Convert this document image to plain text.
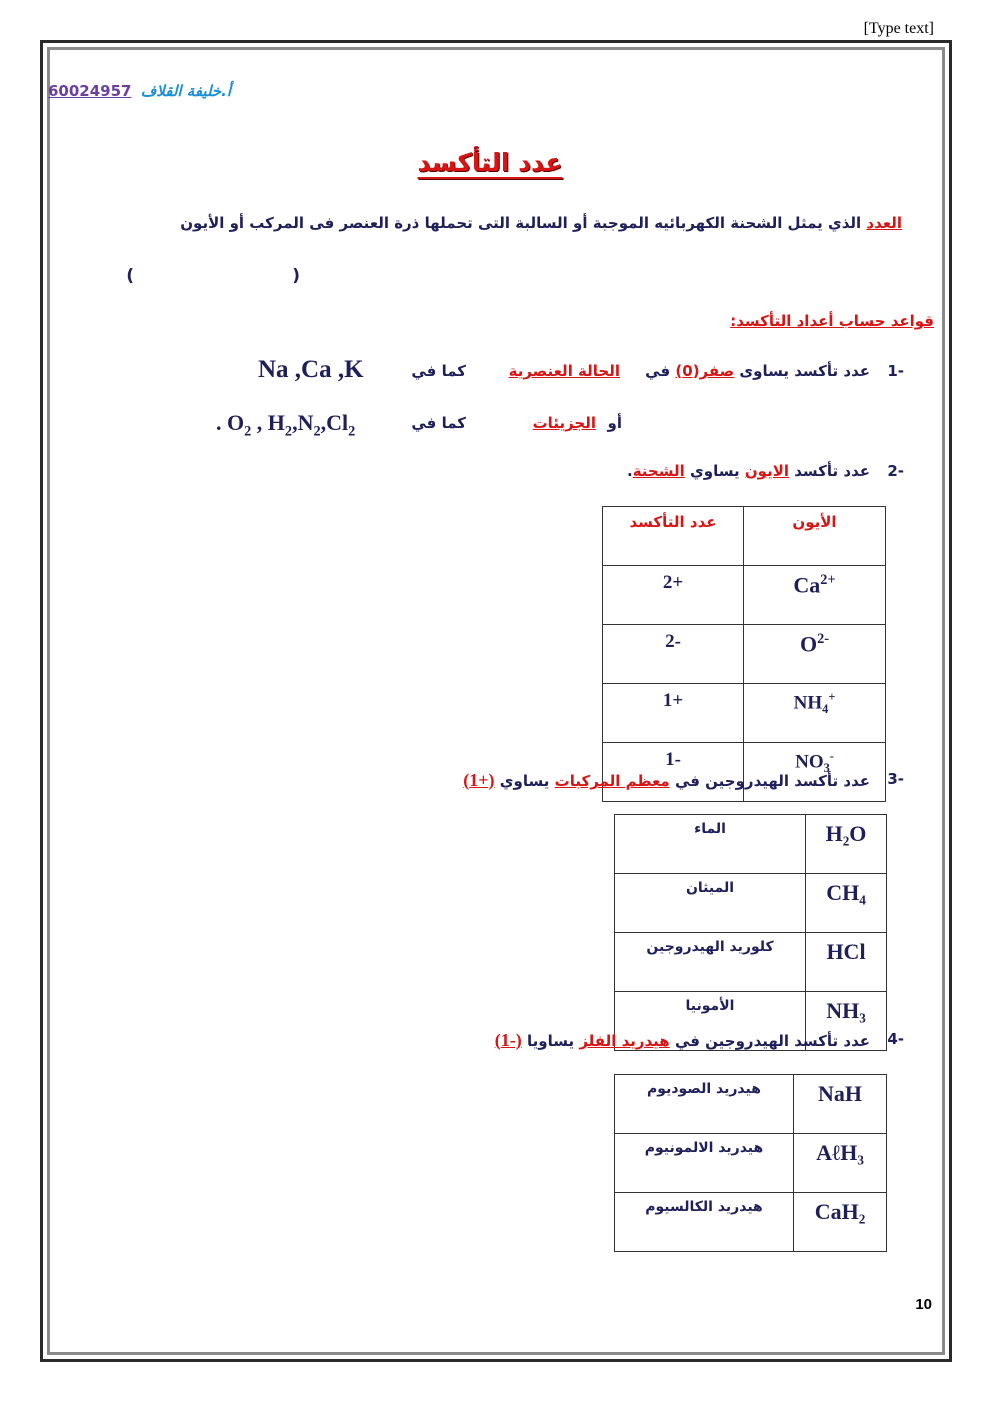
[Type text]
60024957 أ.خليفة القلاف
عدد التأكسد
العدد الذي يمثل الشحنة الكهربائيه الموجبة أو السالبة التى تحملها ذرة العنصر فى المركب أو الأيون
(
)
قواعد حساب أعداد التأكسد:
-1
عدد تأكسد يساوى صفر(0) في
الحالة العنصرية
كما في
Na ,Ca ,K
أو
الجزيئات
كما في
. $O_2$ , $H_2,N_2,Cl_2$
-2
عدد تأكسد الايون يساوي الشحنة.
الأيون	عدد التأكسد
$Ca^{2+}$	+2
$O^{2-}$	-2
$NH_4^+$	+1
$NO_3^-$	-1
-3
عدد تأكسد الهيدروجين في معظم المركبات يساوي (+1)
H₂O	الماء
CH₄	الميثان
HCl	كلوريد الهيدروجين
NH₃	الأمونيا
-4
عدد تأكسد الهيدروجين في هيدريد الفلز يساويا (-1)
NaH	هيدريد الصوديوم
AℓH₃	هيدريد الالمونيوم
CaH₂	هيدريد الكالسيوم
10
